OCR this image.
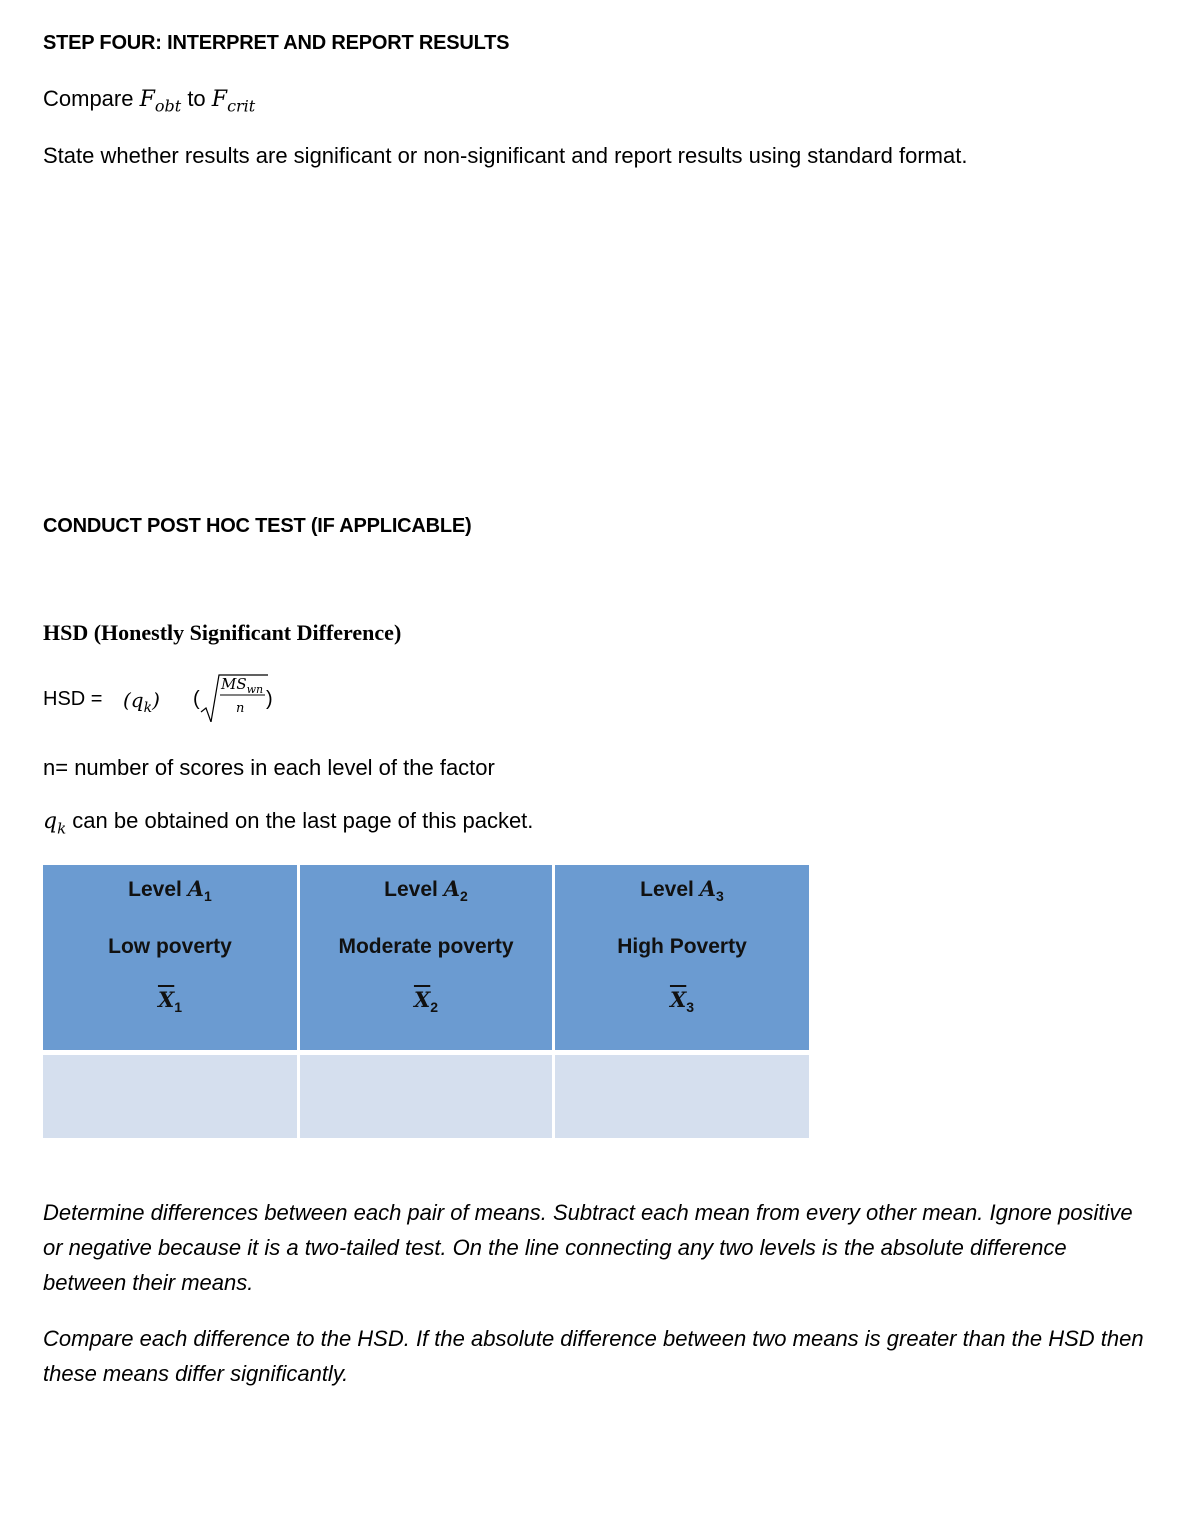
STEP FOUR: INTERPRET AND REPORT RESULTS
Compare $F_{obt}$ to $F_{crit}$
State whether results are significant or non-significant and report results using standard format.
CONDUCT POST HOC TEST (IF APPLICABLE)
HSD (Honestly Significant Difference)
HSD = $(q_k)$ (
$MS_{wn}$
n )
n= number of scores in each level of the factor
$q_k$ can be obtained on the last page of this packet.
Level $A_1$
Low poverty
$\overline{X}_1$
Level $A_2$
Moderate poverty
$\overline{X}_2$
Level $A_3$
High Poverty
$\overline{X}_3$
Determine differences between each pair of means. Subtract each mean from every other mean. Ignore positive or negative because it is a two-tailed test. On the line connecting any two levels is the absolute difference between their means.
Compare each difference to the HSD. If the absolute difference between two means is greater than the HSD then these means differ significantly.
